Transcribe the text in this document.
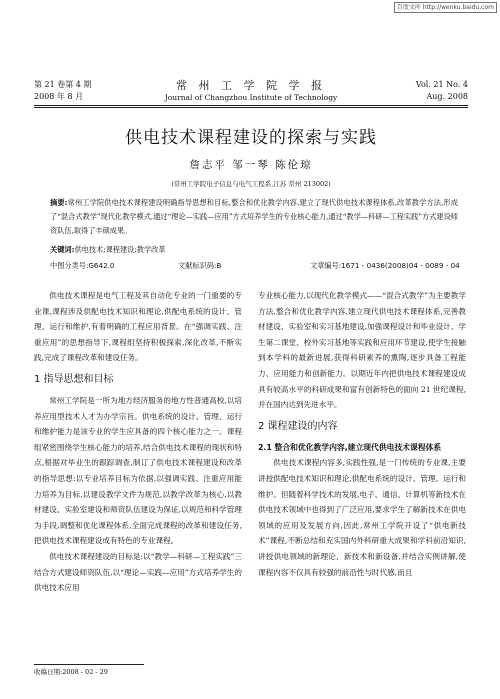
百度文库 http://wenku.baidu.com
第 21 卷第 4 期
2008 年 8 月
常 州 工 学 院 学 报
Journal of Changzhou Institute of Technology
Vol. 21 No. 4
Aug. 2008
供电技术课程建设的探索与实践
詹志平 邹一琴 陈伦琼
(常州工学院电子信息与电气工程系,江苏 常州 213002)
摘要:常州工学院供电技术课程建设明确指导思想和目标,整合和优化教学内容,建立了现代供电技术课程体系,改革教学方法,形成了“混合式教学”现代化教学模式,通过“理论—实践—应用”方式培养学生的专业核心能力,通过“教学—科研—工程实践”方式建设师资队伍,取得了丰硕成果。
关键词:供电技术;课程建设;教学改革
中图分类号:G642.0	文献标识码:B	文章编号:1671 - 0436(2008)04 - 0089 - 04

供电技术课程是电气工程及其自动化专业的一门重要的专业课,课程涉及供配电技术知识和理论,供配电系统的设计、管理、运行和维护,有着明确的工程应用背景。在“强调实践、注重应用”的思想指导下,课程组坚持积极探索,深化改革,不断实践,完成了课程改革和建设任务。

1 指导思想和目标

常州工学院是一所为地方经济服务的地方性普通高校,以培养应用型技术人才为办学宗旨。供电系统的设计、管理、运行和维护能力是该专业的学生应具备的四个核心能力之一。课程组紧密围绕学生核心能力的培养,结合供电技术课程的现状和特点,根据对毕业生的跟踪调查,制订了供电技术课程建设和改革的指导思想:以专业培养目标为依据,以强调实践、注重应用能力培养为目标,以建设教学文件为规范,以教学改革为核心,以教材建设、实验室建设和师资队伍建设为保证,以规范和科学管理为手段,调整和优化课程体系,全面完成课程的改革和建设任务,把供电技术课程建设成有特色的专业课程。

供电技术课程建设的目标是:以“教学—科研—工程实践”三结合方式建设师资队伍,以“理论—实践—应用”方式培养学生的供电技术应用

专业核心能力,以现代化教学模式——“混合式教学”为主要教学方法,整合和优化教学内容,建立现代供电技术课程体系,完善教材建设、实验室和实习基地建设,加强课程设计和毕业设计、学生第二课堂、校外实习基地等实践和应用环节建设,使学生接触到本学科的最新进展,获得科研素养的熏陶,逐步具备工程能力、应用能力和创新能力。以期近年内把供电技术课程建设成具有较高水平的科研成果和富有创新特色的面向 21 世纪课程,并在国内达到先进水平。

2 课程建设的内容
2.1 整合和优化教学内容,建立现代供电技术课程体系

供电技术课程内容多,实践性强,是一门传统的专业课,主要讲授供配电技术知识和理论,供配电系统的设计、管理、运行和维护。但随着科学技术的发展,电子、通信、计算机等新技术在供电技术领域中也得到了广泛应用,要求学生了解新技术在供电领域的应用及发展方向,因此,常州工学院开设了“供电新技术”课程,不断总结和充实国内外科研重大成果和学科前沿知识,讲授供电领域的新理论、新技术和新设备,并结合实例讲解,使课程内容不仅具有较强的前沿性与时代感,而且

收稿日期:2008 - 02 - 29
